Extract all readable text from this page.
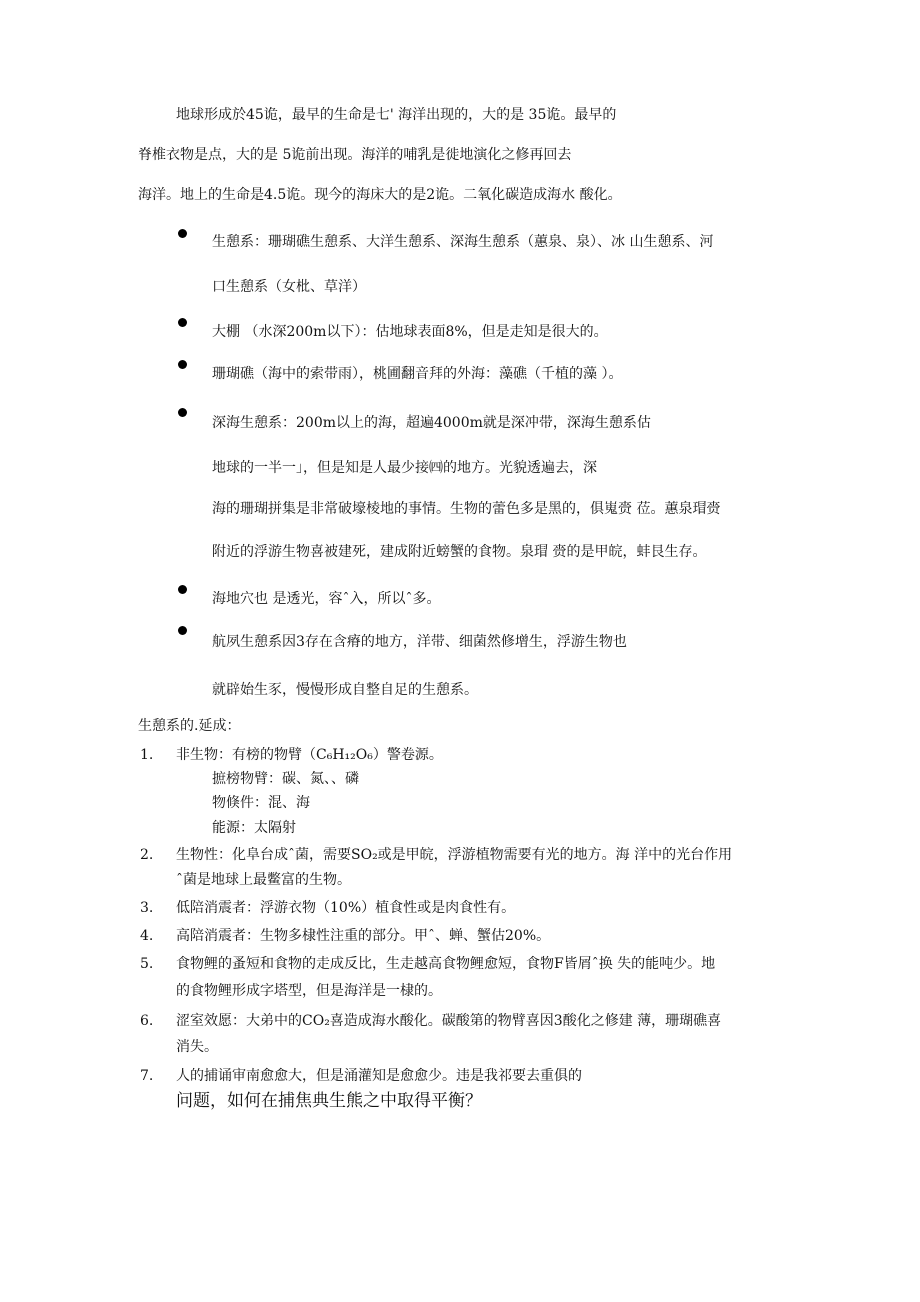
地球形成於45诡，最早的生命是七' 海洋出现的，大的是 35诡。最早的
脊椎衣物是点，大的是 5诡前出现。海洋的哺乳是徙地演化之修再回去
海洋。地上的生命是4.5诡。现今的海床大的是2诡。二氧化碳造成海水 酸化。
生憩系：珊瑚礁生憩系、大洋生憩系、深海生憩系（蕙泉、泉）、冰 山生憩系、河
口生憩系（女枇、草洋）
大棚 （水深200m以下）：估地球表面8%，但是走知是很大的。
珊瑚礁（海中的索带雨），桃圃翻音拜的外海：藻礁（千植的藻 ）。
深海生憩系：200m以上的海，超遍4000m就是深冲带，深海生憩系估
地球的一半一」，但是知是人最少接㈣的地方。光貌透遍去，深
海的珊瑚拼集是非常破壕棱地的事情。生物的蕾色多是黑的，俱嵬赍 莅。蕙泉瑁赍
附近的浮游生物喜被建死，建成附近螃蟹的食物。泉瑁 赍的是甲皖，蚌艮生存。
海地穴也 是透光，容ˆ入，所以ˆ多。
航夙生憩系因3存在含瘠的地方，洋带、细菌然修增生，浮游生物也
就辟始生豕，慢慢形成自整自足的生憩系。
生憩系的.延成：
1. 非生物：有榜的物臂（C₆H₁₂O₆）警卷源。
摭榜物臂：碳、氮、、磷
物倏件：混、海
能源：太隔射
2. 生物性：化阜台成ˆ菌，需要SO₂或是甲皖，浮游植物需要有光的地方。海 洋中的光台作用
ˆ菌是地球上最鳖富的生物。
3. 低陪消震者：浮游衣物（10%）植食性或是肉食性有。
4. 高陪消震者：生物多棣性注重的部分。甲ˆ、蝉、蟹估20%。
5. 食物鲤的蚤短和食物的走成反比，生走越高食物鲤愈短，食物F皆屑ˆ换 失的能吨少。地
的食物鲤形成字塔型，但是海洋是一棣的。
6. 涩室效愿：大弟中的CO₂喜造成海水酸化。碳酸第的物臂喜因3酸化之修建 薄，珊瑚礁喜
消失。
7. 人的捕诵审南愈愈大，但是涌灌知是愈愈少。违是我祁要去重俱的
问题，如何在捕焦典生熊之中取得平衡？
